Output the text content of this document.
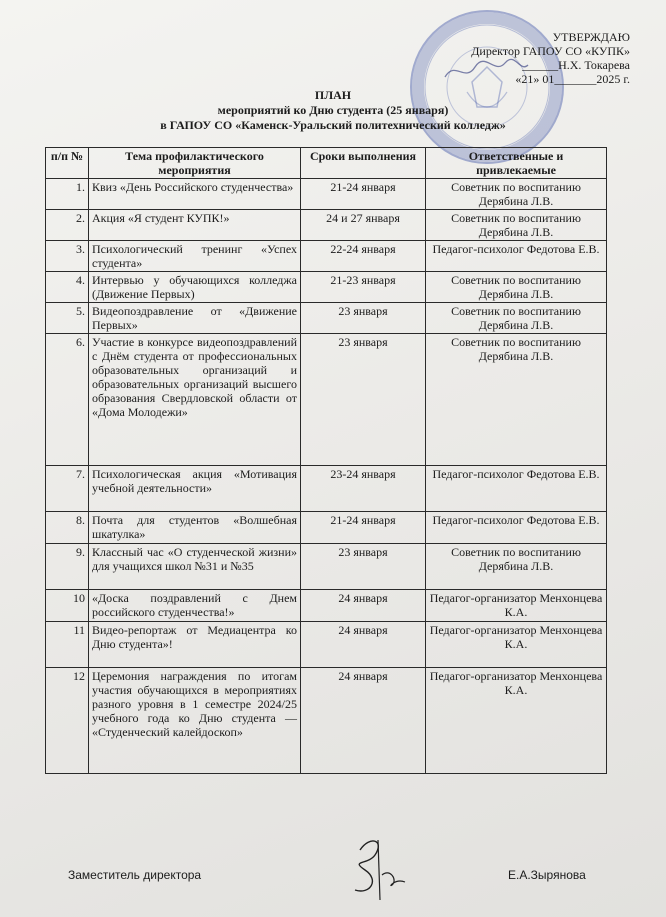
УТВЕРЖДАЮ
Директор ГАПОУ СО «КУПК»
______Н.Х. Токарева
«21» 01_______2025 г.
ПЛАН
мероприятий ко Дню студента (25 января)
в ГАПОУ СО «Каменск-Уральский политехнический колледж»
п/п №	Тема профилактического мероприятия	Сроки выполнения	Ответственные и привлекаемые
1.	Квиз «День Российского студенчества»	21-24 января	Советник по воспитанию Дерябина Л.В.
2.	Акция «Я студент КУПК!»	24 и 27 января	Советник по воспитанию Дерябина Л.В.
3.	Психологический тренинг «Успех студента»	22-24 января	Педагог-психолог Федотова Е.В.
4.	Интервью у обучающихся колледжа (Движение Первых)	21-23 января	Советник по воспитанию Дерябина Л.В.
5.	Видеопоздравление от «Движение Первых»	23 января	Советник по воспитанию Дерябина Л.В.
6.	Участие в конкурсе видеопоздравлений с Днём студента от профессиональных образовательных организаций и образовательных организаций высшего образования Свердловской области от «Дома Молодежи»	23 января	Советник по воспитанию Дерябина Л.В.
7.	Психологическая акция «Мотивация учебной деятельности»	23-24 января	Педагог-психолог Федотова Е.В.
8.	Почта для студентов «Волшебная шкатулка»	21-24 января	Педагог-психолог Федотова Е.В.
9.	Классный час «О студенческой жизни» для учащихся школ №31 и №35	23 января	Советник по воспитанию Дерябина Л.В.
10	«Доска поздравлений с Днем российского студенчества!»	24 января	Педагог-организатор Менхонцева К.А.
11	Видео-репортаж от Медиацентра ко Дню студента»!	24 января	Педагог-организатор Менхонцева К.А.
12	Церемония награждения по итогам участия обучающихся в мероприятиях разного уровня в 1 семестре 2024/25 учебного года ко Дню студента — «Студенческий калейдоскоп»	24 января	Педагог-организатор Менхонцева К.А.
Заместитель директора	Е.А.Зырянова
